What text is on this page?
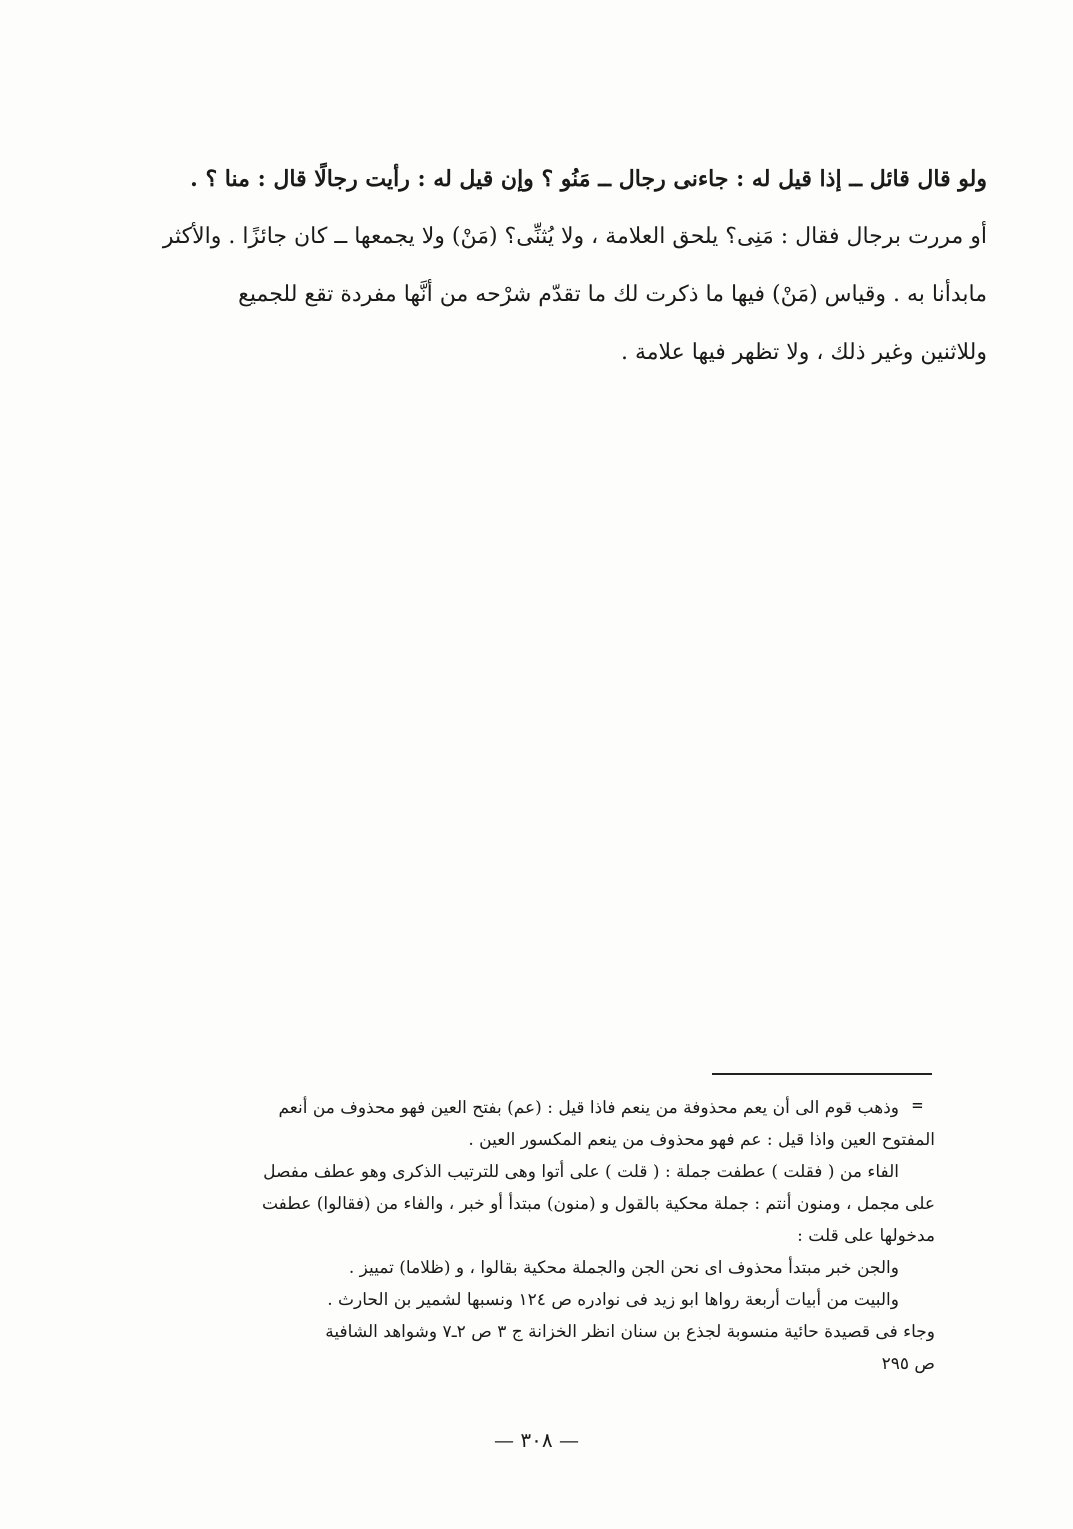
ولو قال قائل ــ إذا قيل له : جاءنى رجال ــ مَنُو ؟ وإن قيل له : رأيت رجالًا قال : منا ؟ .
أو مررت برجال فقال : مَنِى؟ يلحق العلامة ، ولا يُثنِّى؟ (مَنْ) ولا يجمعها ــ كان جائزًا . والأكثر
مابدأنا به . وقياس (مَنْ) فيها ما ذكرت لك ما تقدّم شرْحه من أنَّها مفردة تقع للجميع
وللاثنين وغير ذلك ، ولا تظهر فيها علامة .
=
وذهب قوم الى أن يعم محذوفة من ينعم فاذا قيل : (عم) بفتح العين فهو محذوف من أنعم
المفتوح العين واذا قيل : عم فهو محذوف من ينعم المكسور العين .
الفاء من ( فقلت ) عطفت جملة : ( قلت ) على أتوا وهى للترتيب الذكرى وهو عطف مفصل
على مجمل ، ومنون أنتم : جملة محكية بالقول و (منون) مبتدأ أو خبر ، والفاء من (فقالوا) عطفت
مدخولها على قلت :
والجن خبر مبتدأ محذوف اى نحن الجن والجملة محكية بقالوا ، و (ظلاما) تمييز .
والبيت من أبيات أربعة رواها ابو زيد فى نوادره ص ١٢٤ ونسبها لشمير بن الحارث .
وجاء فى قصيدة حائية منسوبة لجذع بن سنان انظر الخزانة ج ٣ ص ٢ـ٧ وشواهد الشافية
ص ٢٩٥
— ٣٠٨ —
